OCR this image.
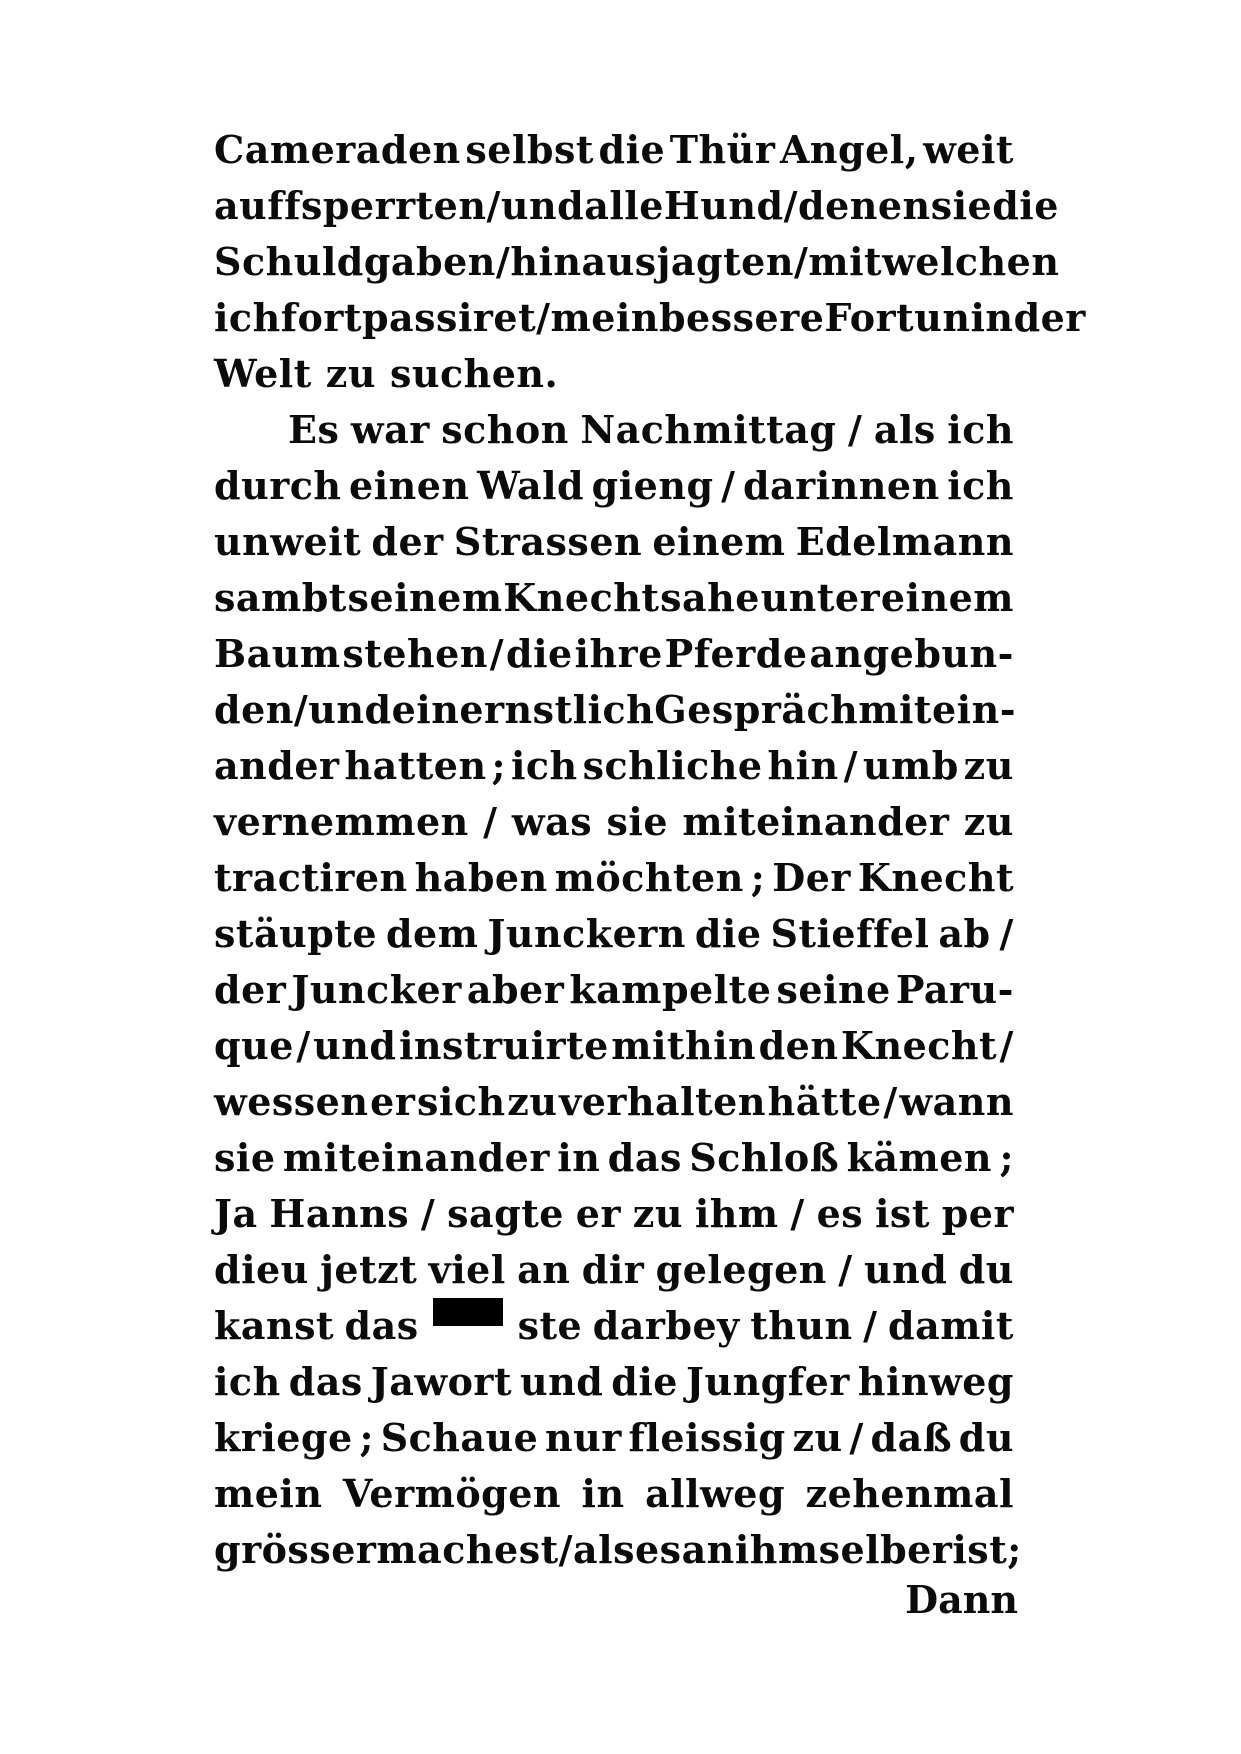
Cameraden selbst die Thür Angel, weit
auffsperrten / und alle Hund / denen sie die
Schuld gaben / hinaus jagten / mit welchen
ich fort passiret / mein bessere Fortun in der
Welt zu suchen.
Es war schon Nachmittag / als ich
durch einen Wald gieng / darinnen ich
unweit der Strassen einem Edelmann
sambt seinem Knecht sahe unter einem
Baum stehen / die ihre Pferde angebun-
den / und ein ernstlich Gespräch mitein-
ander hatten ; ich schliche hin / umb zu
vernemmen / was sie miteinander zu
tractiren haben möchten ; Der Knecht
stäupte dem Junckern die Stieffel ab /
der Juncker aber kampelte seine Paru-
que / und instruirte mithin den Knecht /
wessen er sich zu verhalten hätte / wann
sie miteinander in das Schloß kämen ;
Ja Hanns / sagte er zu ihm / es ist per
dieu jetzt viel an dir gelegen / und du
kanst das	ste darbey thun / damit
ich das Jawort und die Jungfer hinweg
kriege ; Schaue nur fleissig zu / daß du
mein Vermögen in allweg zehenmal
grösser machest / als es an ihm selber ist ;
Dann
